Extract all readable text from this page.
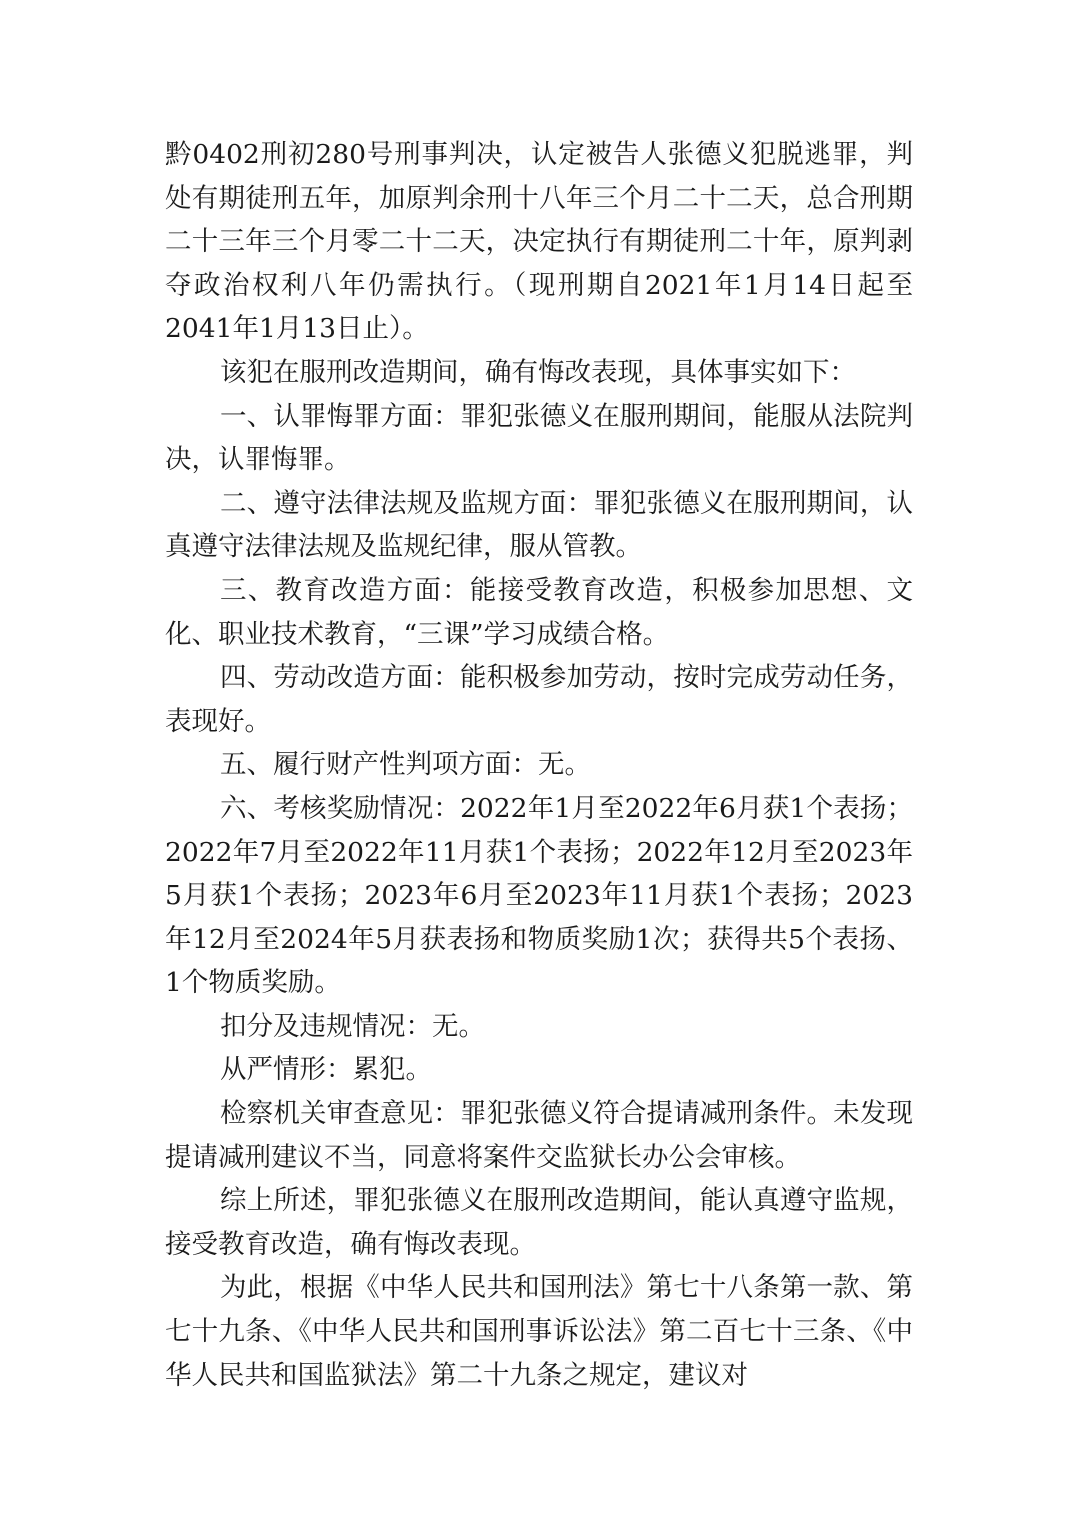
黔0402刑初280号刑事判决，认定被告人张德义犯脱逃罪，判处有期徒刑五年，加原判余刑十八年三个月二十二天，总合刑期二十三年三个月零二十二天，决定执行有期徒刑二十年，原判剥夺政治权利八年仍需执行。（现刑期自2021年1月14日起至2041年1月13日止）。

该犯在服刑改造期间，确有悔改表现，具体事实如下：

一、认罪悔罪方面：罪犯张德义在服刑期间，能服从法院判决，认罪悔罪。

二、遵守法律法规及监规方面：罪犯张德义在服刑期间，认真遵守法律法规及监规纪律，服从管教。

三、教育改造方面：能接受教育改造，积极参加思想、文化、职业技术教育，“三课”学习成绩合格。

四、劳动改造方面：能积极参加劳动，按时完成劳动任务，表现好。

五、履行财产性判项方面：无。

六、考核奖励情况：2022年1月至2022年6月获1个表扬；2022年7月至2022年11月获1个表扬；2022年12月至2023年5月获1个表扬；2023年6月至2023年11月获1个表扬；2023年12月至2024年5月获表扬和物质奖励1次；获得共5个表扬、1个物质奖励。

扣分及违规情况：无。

从严情形：累犯。

检察机关审查意见：罪犯张德义符合提请减刑条件。未发现提请减刑建议不当，同意将案件交监狱长办公会审核。

综上所述，罪犯张德义在服刑改造期间，能认真遵守监规，接受教育改造，确有悔改表现。

为此，根据《中华人民共和国刑法》第七十八条第一款、第七十九条、《中华人民共和国刑事诉讼法》第二百七十三条、《中华人民共和国监狱法》第二十九条之规定，建议对
